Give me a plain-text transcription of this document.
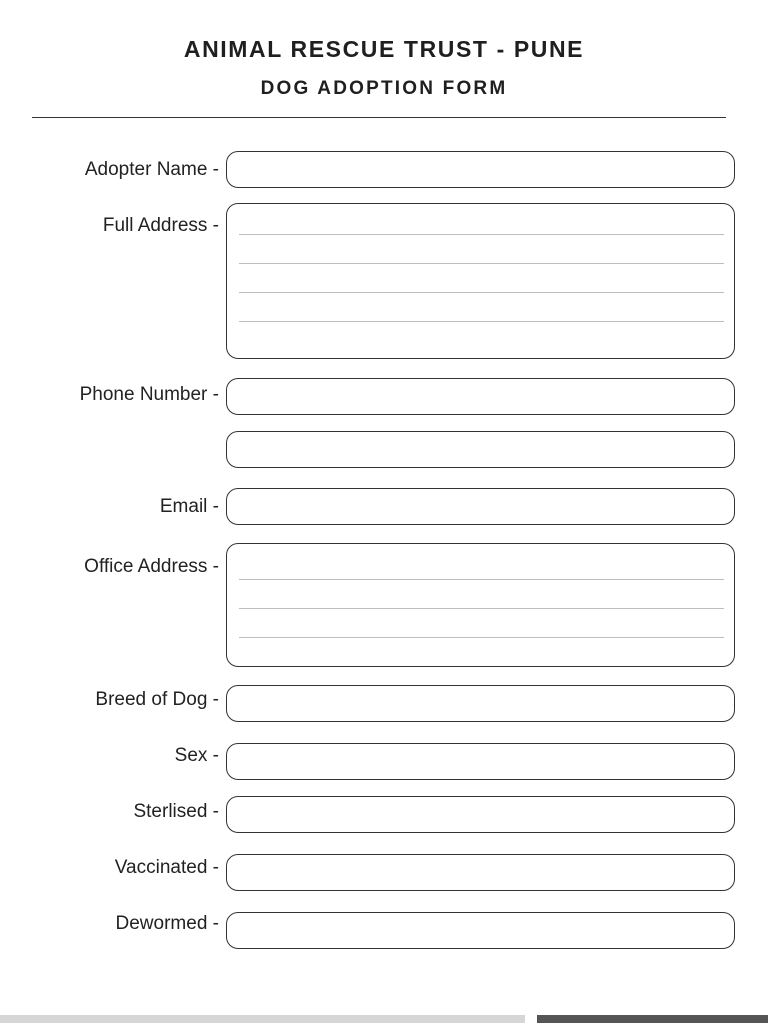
ANIMAL RESCUE TRUST - PUNE
DOG ADOPTION FORM
Adopter Name -
Full Address -
Phone Number -
Email -
Office Address -
Breed of Dog -
Sex -
Sterlised -
Vaccinated -
Dewormed -
